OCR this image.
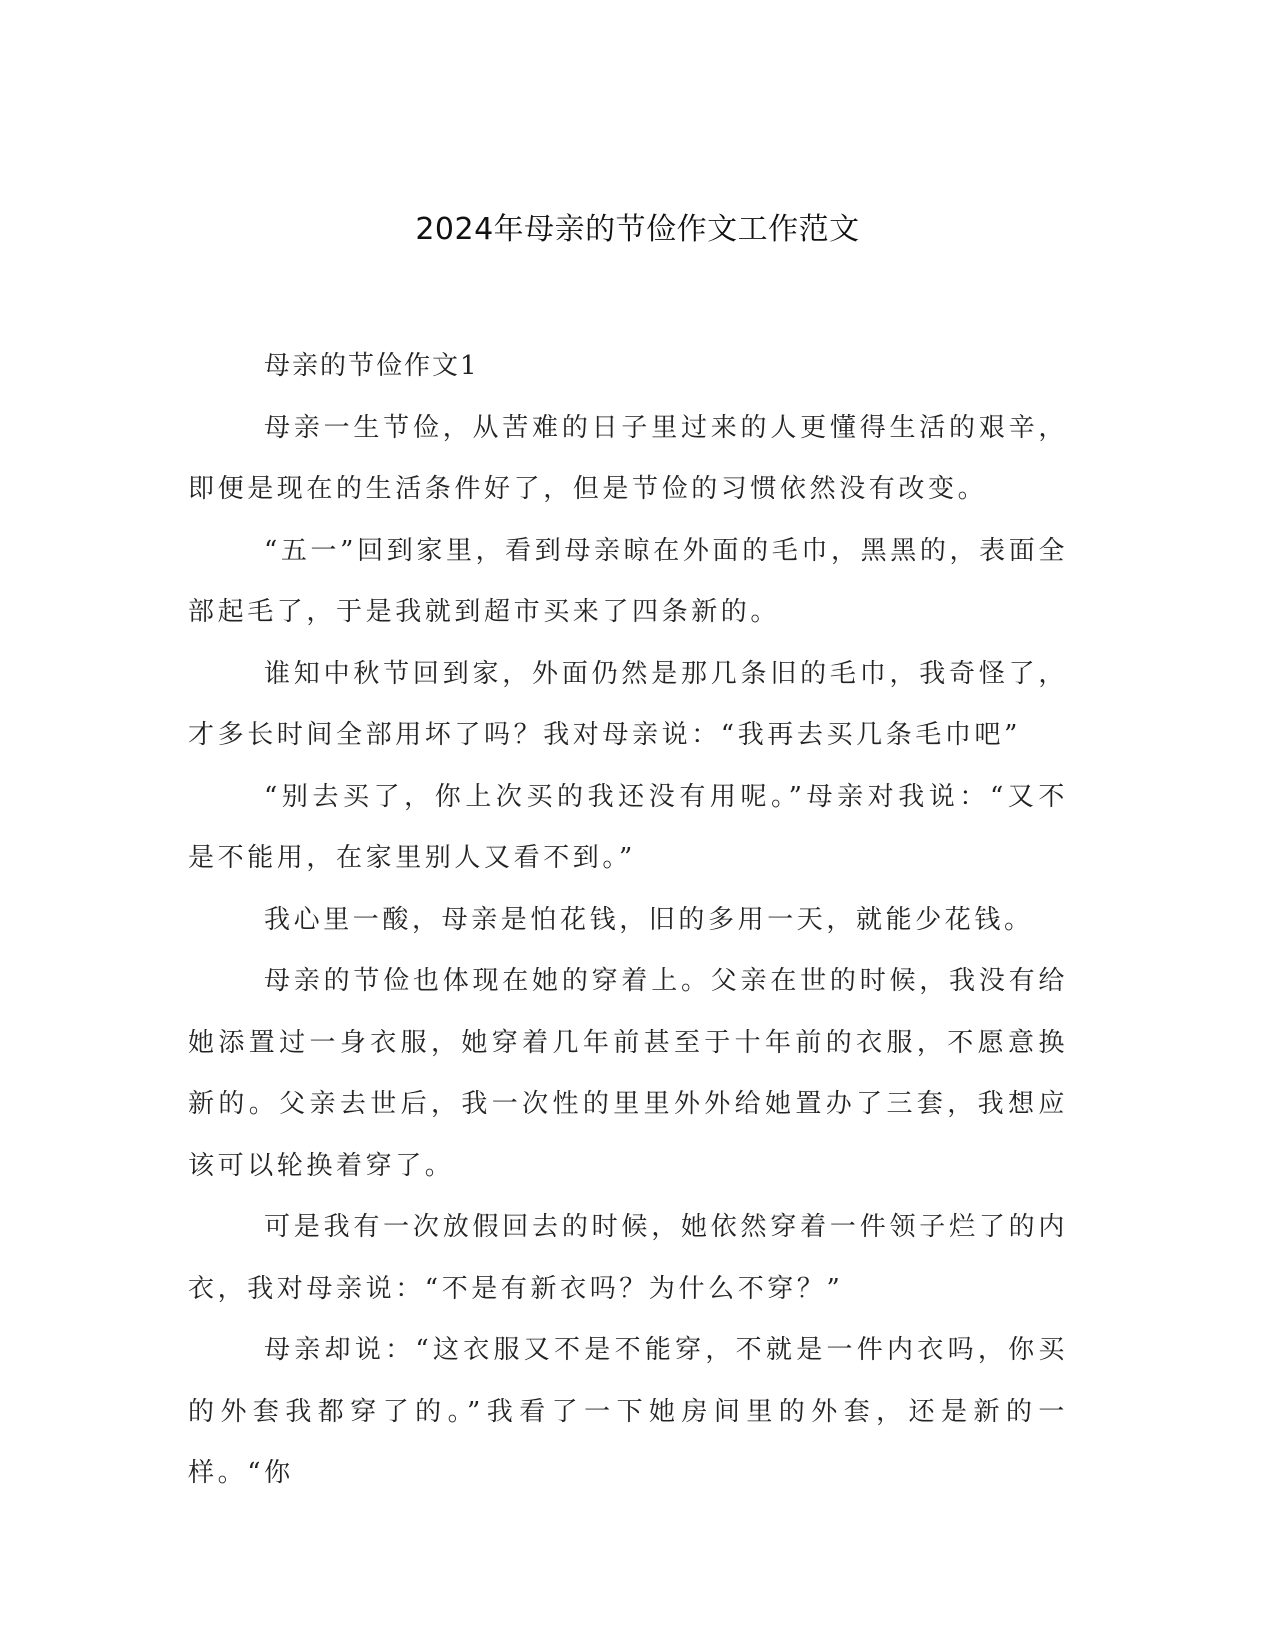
2024年母亲的节俭作文工作范文

母亲的节俭作文1

母亲一生节俭，从苦难的日子里过来的人更懂得生活的艰辛，即便是现在的生活条件好了，但是节俭的习惯依然没有改变。

“五一”回到家里，看到母亲晾在外面的毛巾，黑黑的，表面全部起毛了，于是我就到超市买来了四条新的。

谁知中秋节回到家，外面仍然是那几条旧的毛巾，我奇怪了，才多长时间全部用坏了吗？我对母亲说：“我再去买几条毛巾吧”

“别去买了，你上次买的我还没有用呢。”母亲对我说：“又不是不能用，在家里别人又看不到。”

我心里一酸，母亲是怕花钱，旧的多用一天，就能少花钱。

母亲的节俭也体现在她的穿着上。父亲在世的时候，我没有给她添置过一身衣服，她穿着几年前甚至于十年前的衣服，不愿意换新的。父亲去世后，我一次性的里里外外给她置办了三套，我想应该可以轮换着穿了。

可是我有一次放假回去的时候，她依然穿着一件领子烂了的内衣，我对母亲说：“不是有新衣吗？为什么不穿？”

母亲却说：“这衣服又不是不能穿，不就是一件内衣吗，你买的外套我都穿了的。”我看了一下她房间里的外套，还是新的一样。“你
